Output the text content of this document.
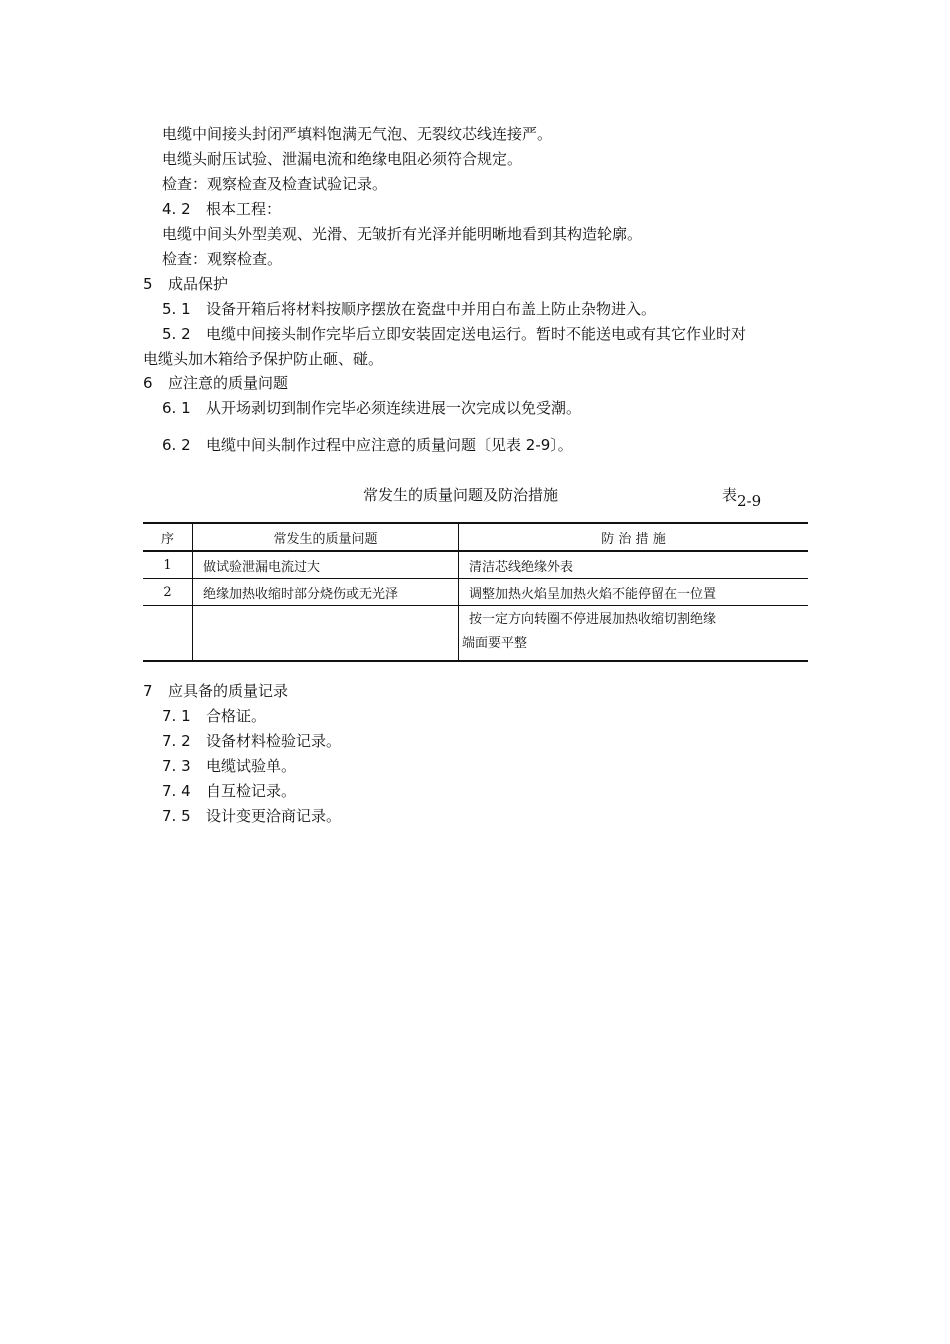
电缆中间接头封闭严填料饱满无气泡、无裂纹芯线连接严。
电缆头耐压试验、泄漏电流和绝缘电阻必须符合规定。
检查：观察检查及检查试验记录。
4. 2 根本工程：
电缆中间头外型美观、光滑、无皱折有光泽并能明晰地看到其构造轮廓。
检查：观察检查。
5 成品保护
5. 1 设备开箱后将材料按顺序摆放在瓷盘中并用白布盖上防止杂物进入。
5. 2 电缆中间接头制作完毕后立即安装固定送电运行。暂时不能送电或有其它作业时对
电缆头加木箱给予保护防止砸、碰。
6 应注意的质量问题
6. 1 从开场剥切到制作完毕必须连续进展一次完成以免受潮。
6. 2 电缆中间头制作过程中应注意的质量问题〔见表 2-9〕。
常发生的质量问题及防治措施	表2-9
序	常发生的质量问题	防 治 措 施
1	做试验泄漏电流过大	清洁芯线绝缘外表
2	绝缘加热收缩时部分烧伤或无光泽	调整加热火焰呈加热火焰不能停留在一位置

		按一定方向转圈不停进展加热收缩切割绝缘
端面要平整
7 应具备的质量记录
7. 1 合格证。
7. 2 设备材料检验记录。
7. 3 电缆试验单。
7. 4 自互检记录。
7. 5 设计变更洽商记录。
